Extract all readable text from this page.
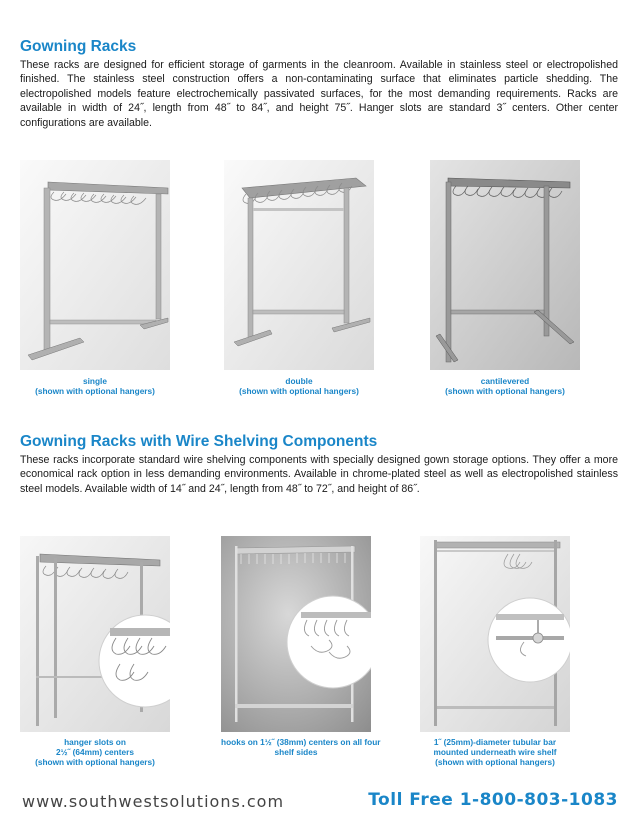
Gowning Racks

These racks are designed for efficient storage of garments in the cleanroom. Available in stainless steel or electropolished finished. The stainless steel construction offers a non-contaminating surface that eliminates particle shedding. The electropolished models feature electrochemically passivated surfaces, for the most demanding requirements. Racks are available in width of 24˝, length from 48˝ to 84˝, and height 75˝. Hanger slots are standard 3˝ centers. Other center configurations are available.

single
(shown with optional hangers)
double
(shown with optional hangers)
cantilevered
(shown with optional hangers)
Gowning Racks with Wire Shelving Components

These racks incorporate standard wire shelving components with specially designed gown storage options. They offer a more economical rack option in less demanding environments. Available in chrome-plated steel as well as electropolished stainless steel models. Available width of 14˝ and 24˝, length from 48˝ to 72˝, and height of 86˝.

hanger slots on
2½˝ (64mm) centers
(shown with optional hangers)
hooks on 1½˝ (38mm) centers on all four
shelf sides
1˝ (25mm)-diameter tubular bar
mounted underneath wire shelf
(shown with optional hangers)
www.southwestsolutions.com	Toll Free 1-800-803-1083
